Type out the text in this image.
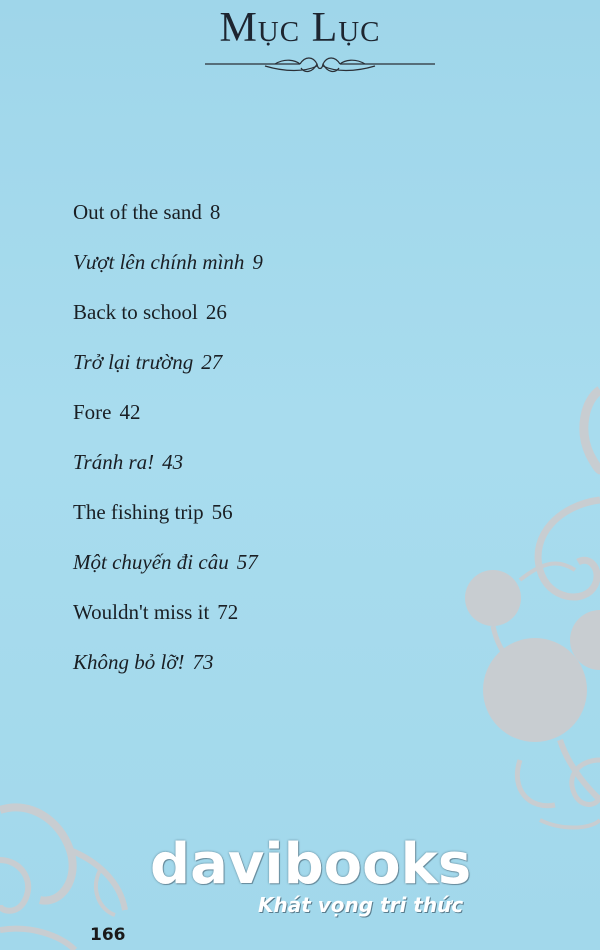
Mục Lục
Out of the sand 8
Vượt lên chính mình 9
Back to school 26
Trở lại trường 27
Fore 42
Tránh ra! 43
The fishing trip 56
Một chuyến đi câu 57
Wouldn't miss it 72
Không bỏ lỡ! 73
davibooks
Khát vọng tri thức
166
